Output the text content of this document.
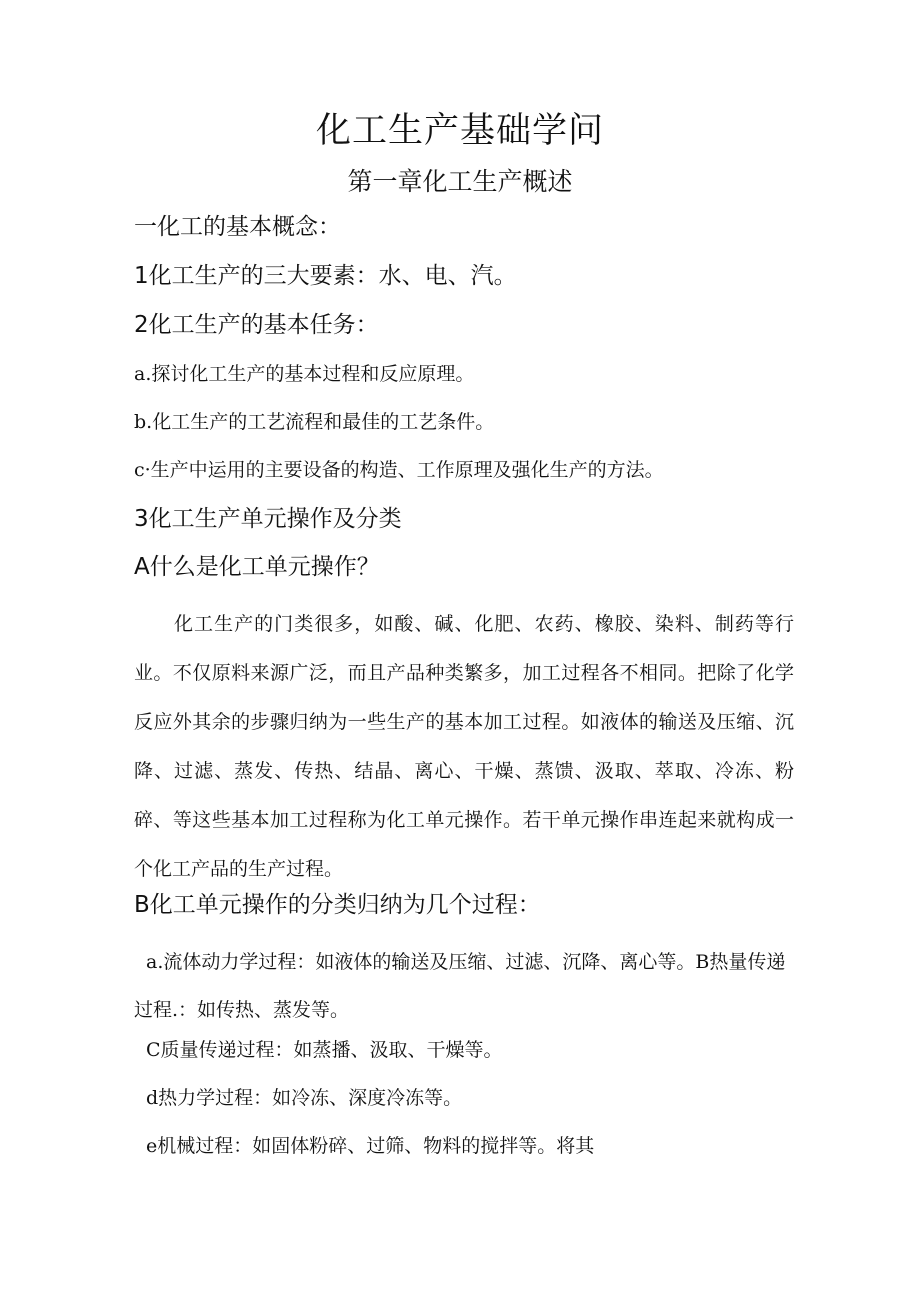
化工生产基础学问
第一章化工生产概述
一化工的基本概念：
1化工生产的三大要素：水、电、汽。
2化工生产的基本任务：
a.探讨化工生产的基本过程和反应原理。
b.化工生产的工艺流程和最佳的工艺条件。
c·生产中运用的主要设备的构造、工作原理及强化生产的方法。
3化工生产单元操作及分类
A什么是化工单元操作？

化工生产的门类很多，如酸、碱、化肥、农药、橡胶、染料、制药等行业。不仅原料来源广泛，而且产品种类繁多，加工过程各不相同。把除了化学反应外其余的步骤归纳为一些生产的基本加工过程。如液体的输送及压缩、沉降、过滤、蒸发、传热、结晶、离心、干燥、蒸馈、汲取、萃取、冷冻、粉碎、等这些基本加工过程称为化工单元操作。若干单元操作串连起来就构成一个化工产品的生产过程。

B化工单元操作的分类归纳为几个过程：

a.流体动力学过程：如液体的输送及压缩、过滤、沉降、离心等。B热量传递过程.：如传热、蒸发等。

C质量传递过程：如蒸播、汲取、干燥等。
d热力学过程：如冷冻、深度冷冻等。
e机械过程：如固体粉碎、过筛、物料的搅拌等。将其
